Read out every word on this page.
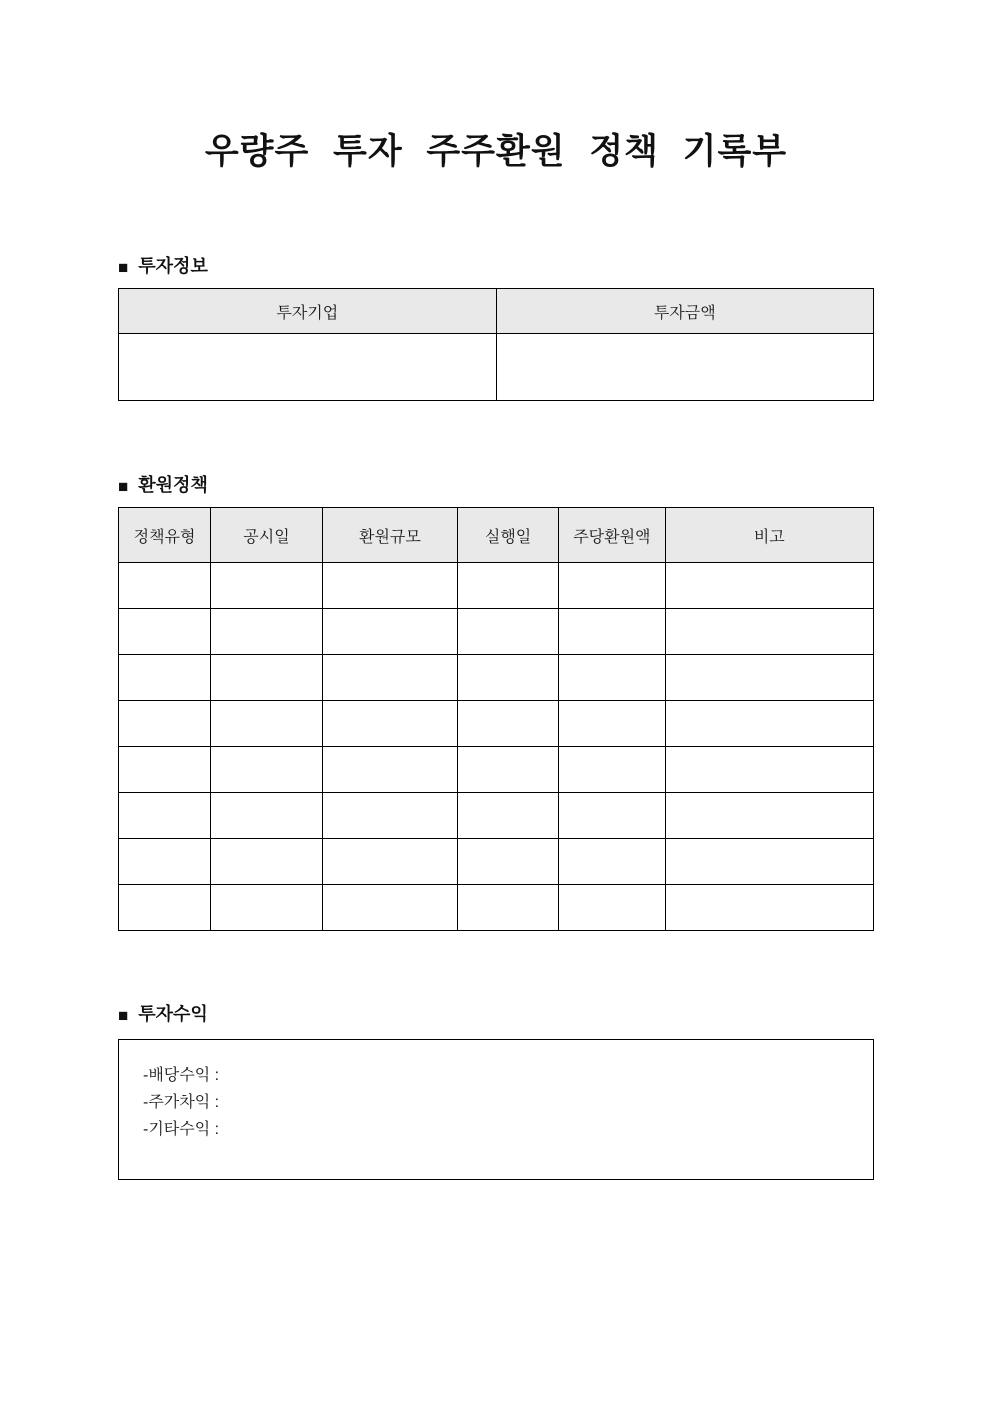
우량주 투자 주주환원 정책 기록부
■ 투자정보
투자기업	투자금액

■ 환원정책
정책유형	공시일	환원규모	실행일	주당환원액	비고

■ 투자수익
-배당수익 :
-주가차익 :
-기타수익 :
